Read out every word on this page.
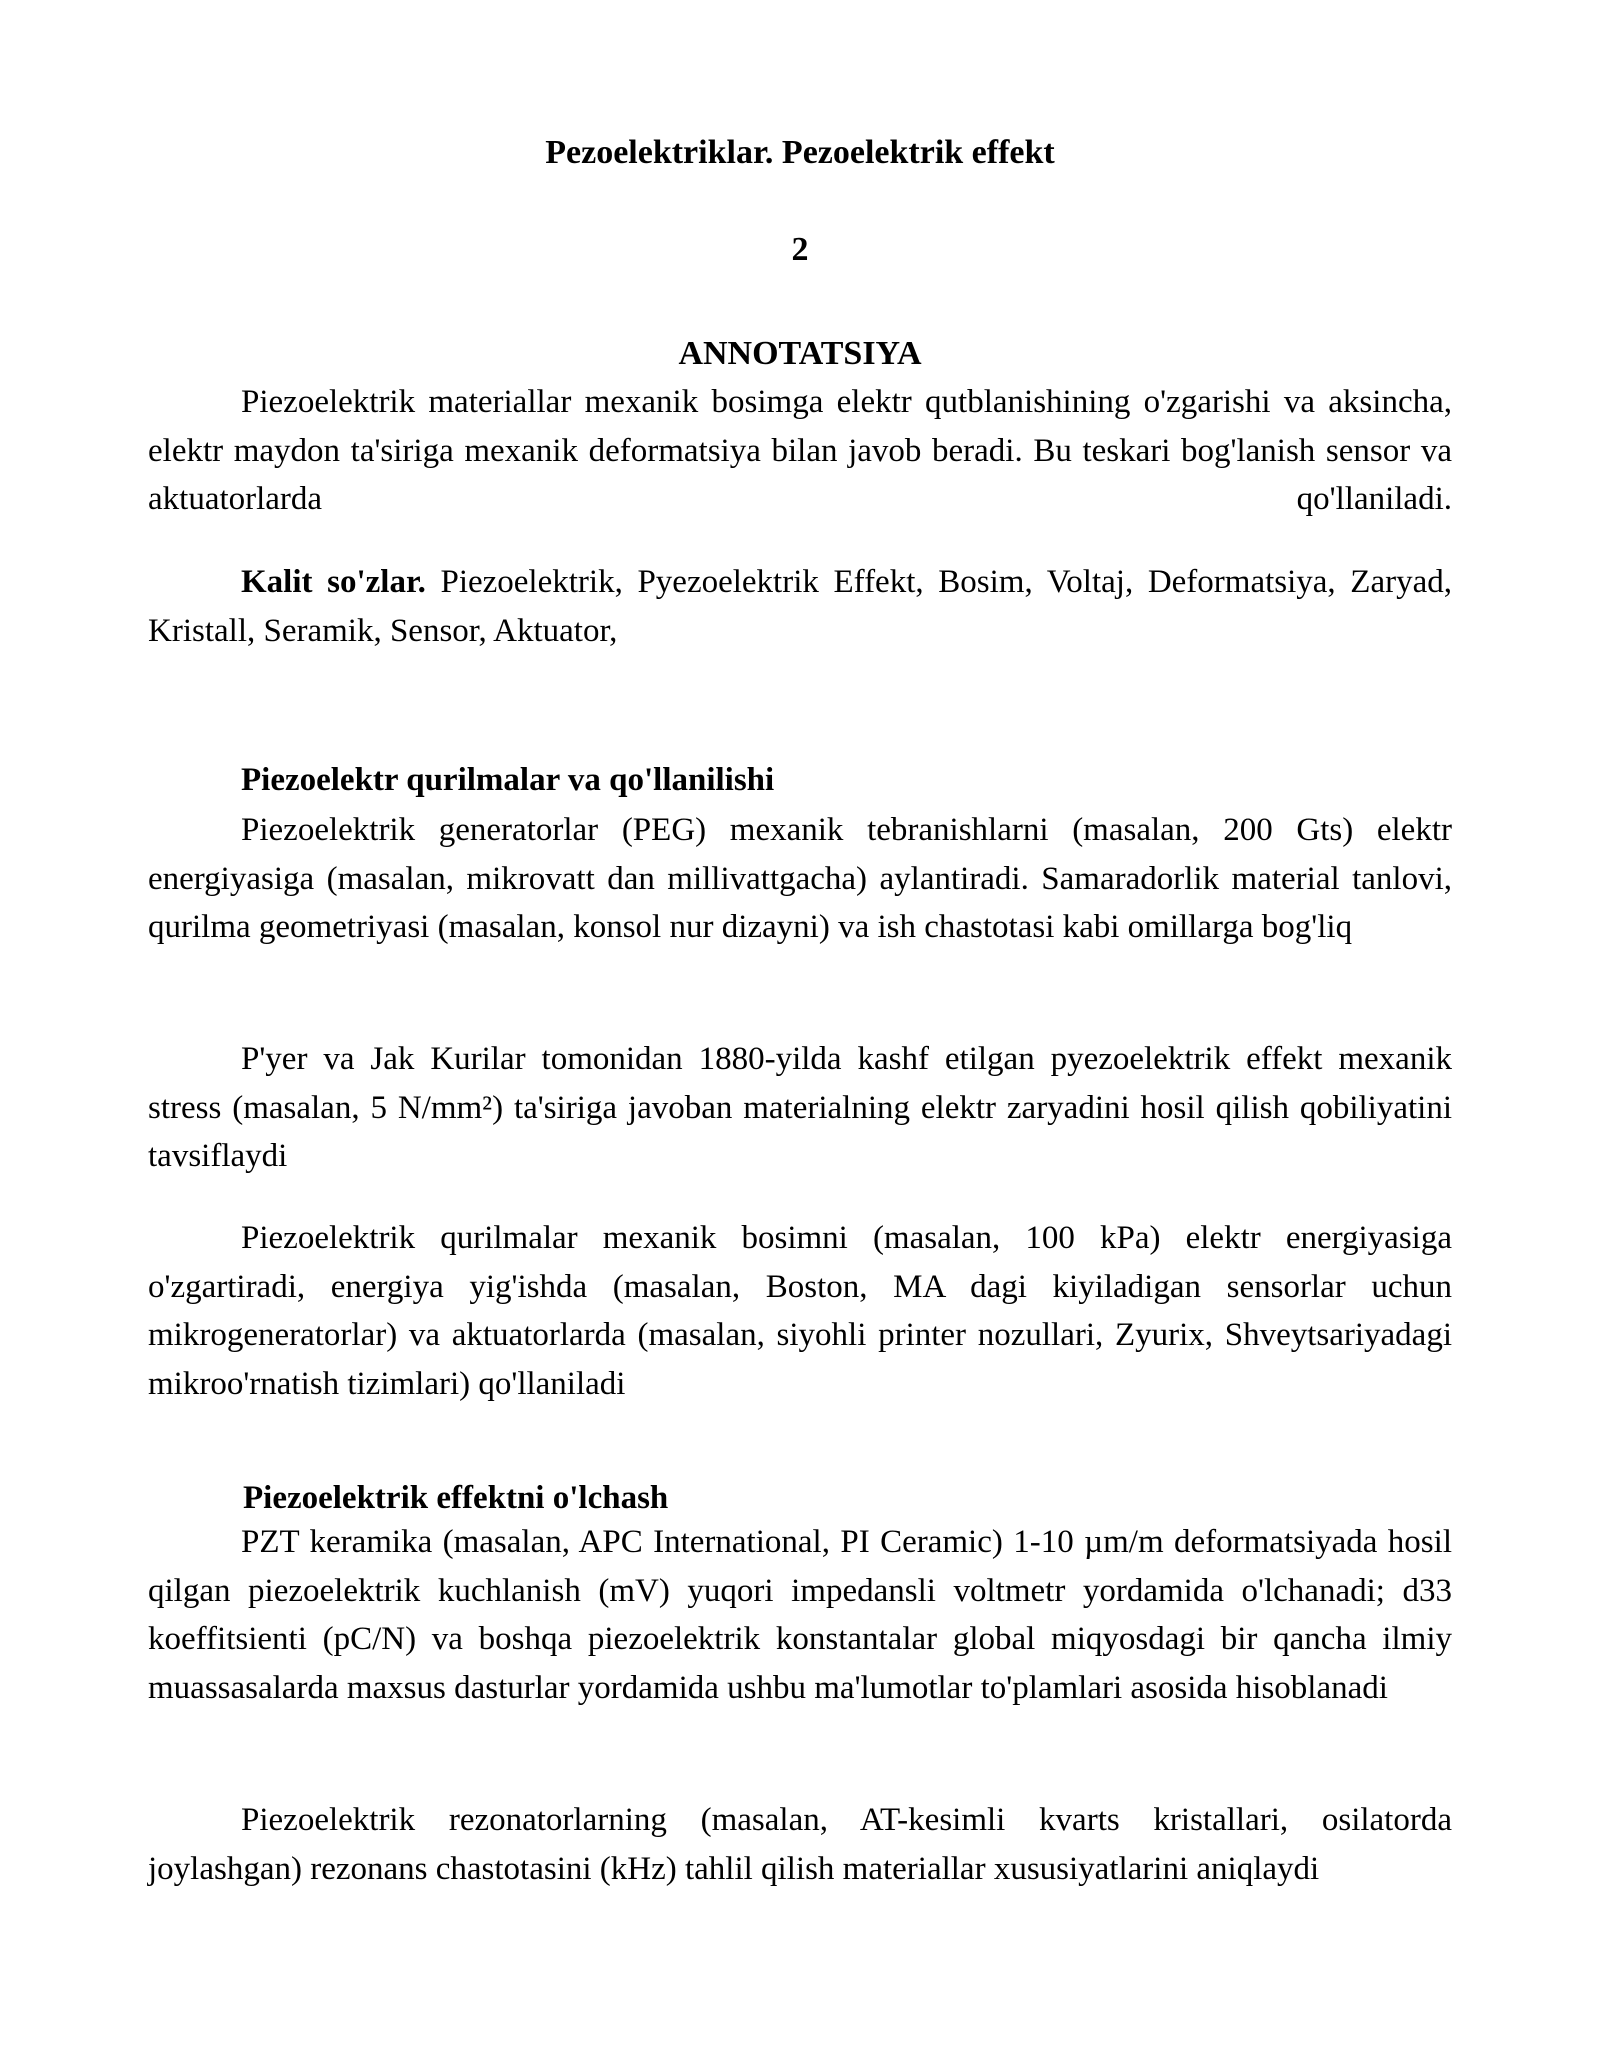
Pezoelektriklar. Pezoelektrik effekt
2
ANNOTATSIYA

Piezoelektrik materiallar mexanik bosimga elektr qutblanishining o'zgarishi va aksincha, elektr maydon ta'siriga mexanik deformatsiya bilan javob beradi. Bu teskari bog'lanish sensor va aktuatorlarda qo'llaniladi.

Kalit so'zlar. Piezoelektrik, Pyezoelektrik Effekt, Bosim, Voltaj, Deformatsiya, Zaryad, Kristall, Seramik, Sensor, Aktuator,

Piezoelektr qurilmalar va qo'llanilishi

Piezoelektrik generatorlar (PEG) mexanik tebranishlarni (masalan, 200 Gts) elektr energiyasiga (masalan, mikrovatt dan millivattgacha) aylantiradi. Samaradorlik material tanlovi, qurilma geometriyasi (masalan, konsol nur dizayni) va ish chastotasi kabi omillarga bog'liq

P'yer va Jak Kurilar tomonidan 1880-yilda kashf etilgan pyezoelektrik effekt mexanik stress (masalan, 5 N/mm²) ta'siriga javoban materialning elektr zaryadini hosil qilish qobiliyatini tavsiflaydi

Piezoelektrik qurilmalar mexanik bosimni (masalan, 100 kPa) elektr energiyasiga o'zgartiradi, energiya yig'ishda (masalan, Boston, MA dagi kiyiladigan sensorlar uchun mikrogeneratorlar) va aktuatorlarda (masalan, siyohli printer nozullari, Zyurix, Shveytsariyadagi mikroo'rnatish tizimlari) qo'llaniladi

Piezoelektrik effektni o'lchash

PZT keramika (masalan, APC International, PI Ceramic) 1-10 µm/m deformatsiyada hosil qilgan piezoelektrik kuchlanish (mV) yuqori impedansli voltmetr yordamida o'lchanadi; d33 koeffitsienti (pC/N) va boshqa piezoelektrik konstantalar global miqyosdagi bir qancha ilmiy muassasalarda maxsus dasturlar yordamida ushbu ma'lumotlar to'plamlari asosida hisoblanadi

Piezoelektrik rezonatorlarning (masalan, AT-kesimli kvarts kristallari, osilatorda joylashgan) rezonans chastotasini (kHz) tahlil qilish materiallar xususiyatlarini aniqlaydi
